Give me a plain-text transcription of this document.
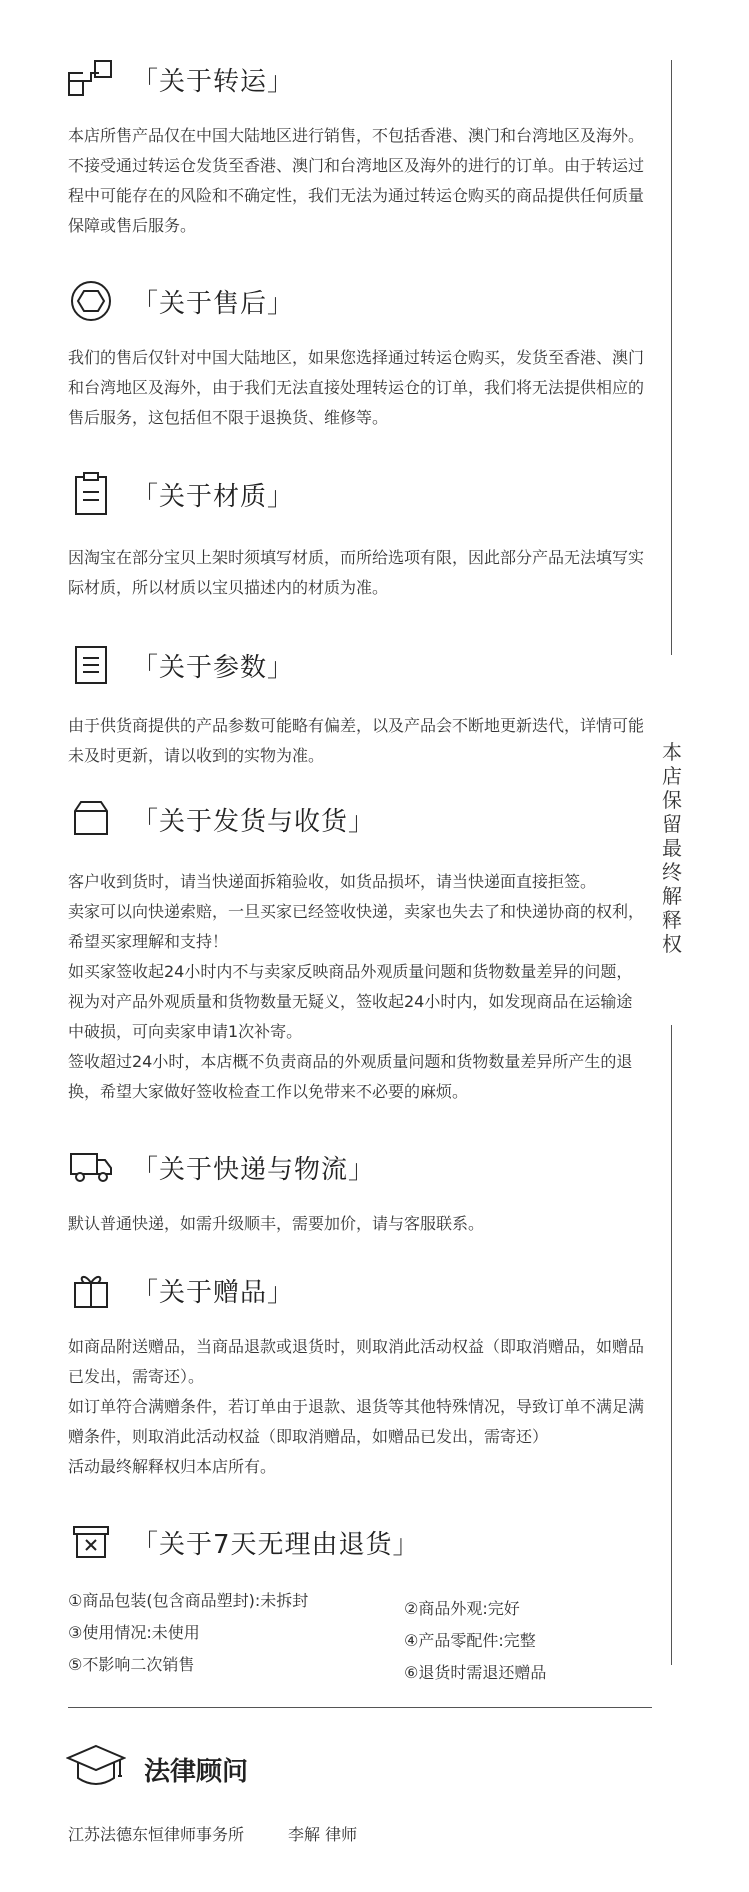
本店保留最终解释权
「关于转运」

本店所售产品仅在中国大陆地区进行销售，不包括香港、澳门和台湾地区及海外。不接受通过转运仓发货至香港、澳门和台湾地区及海外的进行的订单。由于转运过程中可能存在的风险和不确定性，我们无法为通过转运仓购买的商品提供任何质量保障或售后服务。

「关于售后」

我们的售后仅针对中国大陆地区，如果您选择通过转运仓购买，发货至香港、澳门和台湾地区及海外，由于我们无法直接处理转运仓的订单，我们将无法提供相应的售后服务，这包括但不限于退换货、维修等。

「关于材质」

因淘宝在部分宝贝上架时须填写材质，而所给选项有限，因此部分产品无法填写实际材质，所以材质以宝贝描述内的材质为准。

「关于参数」

由于供货商提供的产品参数可能略有偏差，以及产品会不断地更新迭代，详情可能未及时更新，请以收到的实物为准。

「关于发货与收货」

客户收到货时，请当快递面拆箱验收，如货品损坏，请当快递面直接拒签。

卖家可以向快递索赔，一旦买家已经签收快递，卖家也失去了和快递协商的权利，希望买家理解和支持！

如买家签收起24小时内不与卖家反映商品外观质量问题和货物数量差异的问题，视为对产品外观质量和货物数量无疑义，签收起24小时内，如发现商品在运输途中破损，可向卖家申请1次补寄。

签收超过24小时，本店概不负责商品的外观质量问题和货物数量差异所产生的退换，希望大家做好签收检查工作以免带来不必要的麻烦。

「关于快递与物流」

默认普通快递，如需升级顺丰，需要加价，请与客服联系。

「关于赠品」

如商品附送赠品，当商品退款或退货时，则取消此活动权益（即取消赠品，如赠品已发出，需寄还）。

如订单符合满赠条件，若订单由于退款、退货等其他特殊情况，导致订单不满足满赠条件，则取消此活动权益（即取消赠品，如赠品已发出，需寄还）

活动最终解释权归本店所有。

「关于7天无理由退货」
①商品包装(包含商品塑封):未拆封
③使用情况:未使用
⑤不影响二次销售
②商品外观:完好
④产品零配件:完整
⑥退货时需退还赠品
法律顾问
江苏法德东恒律师事务所	李解 律师
